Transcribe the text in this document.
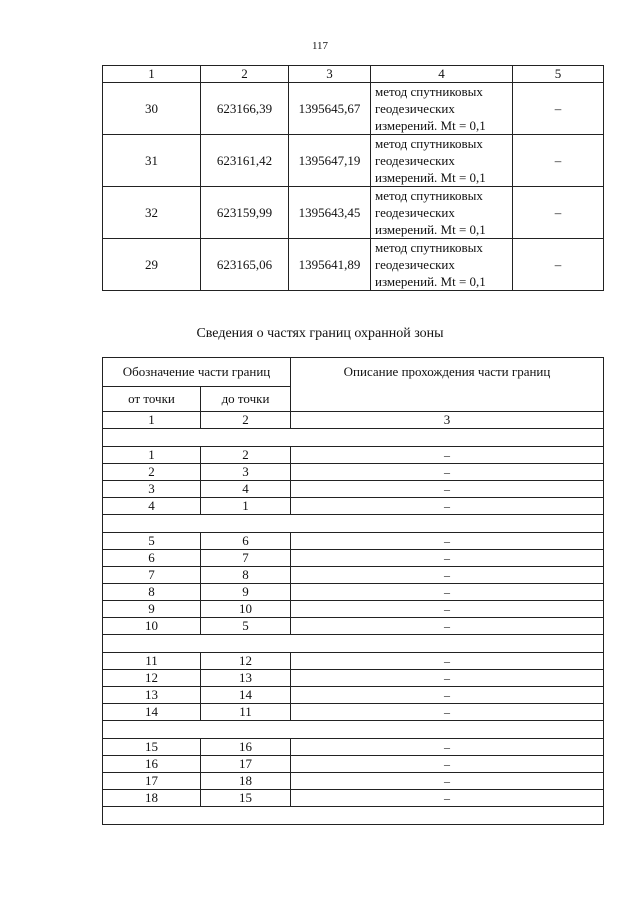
117
1	2	3	4	5
30	623166,39	1395645,67	метод спутниковых
геодезических
измерений. Mt = 0,1	–
31	623161,42	1395647,19	метод спутниковых
геодезических
измерений. Mt = 0,1	–
32	623159,99	1395643,45	метод спутниковых
геодезических
измерений. Mt = 0,1	–
29	623165,06	1395641,89	метод спутниковых
геодезических
измерений. Mt = 0,1	–
Сведения о частях границ охранной зоны
Обозначение части границ		Описание прохождения части границ
от точки	до точки	
1	2	3

1	2	–
2	3	–
3	4	–
4	1	–

5	6	–
6	7	–
7	8	–
8	9	–
9	10	–
10	5	–

11	12	–
12	13	–
13	14	–
14	11	–

15	16	–
16	17	–
17	18	–
18	15	–
